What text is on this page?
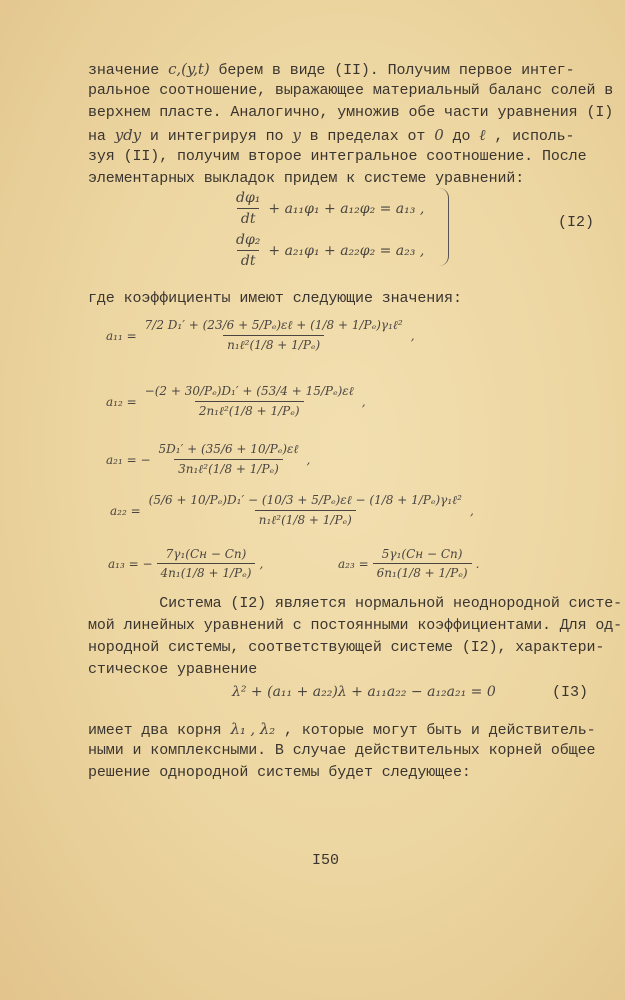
значение c,(y,t) берем в виде (II). Получим первое интег-
ральное соотношение, выражающее материальный баланс солей в
верхнем пласте. Аналогично, умножив обе части уравнения (I)
на ydy и интегрируя по y в пределах от 0 до ℓ , исполь-
зуя (II), получим второе интегральное соотношение. После
элементарных выкладок придем к системе уравнений:
$\frac{\text{dφ₁}}{dt} + a_{11}\varphi_1 + a_{12}\varphi_2 = a_{13}$ ,
$\frac{\text{dφ₂}}{dt} + a_{21}\varphi_1 + a_{22}\varphi_2 = a_{23}$ ,
(I2)
где коэффициенты имеют следующие значения:
$a_{11} = \frac{\text{7/2 D₁′ + (23/6 + 5/Pₑ)εℓ + (1/8 + 1/Pₑ)γ₁ℓ²}}{\text{n₁ℓ²(1/8 + 1/Pₑ)}}$ ,
$a_{12} = \frac{\text{−(2 + 30/Pₑ)D₁′ + (53/4 + 15/Pₑ)εℓ}}{\text{2n₁ℓ²(1/8 + 1/Pₑ)}}$ ,
a₂₁ = − $\frac{\text{5D₁′ + (35/6 + 10/Pₑ)εℓ}}{\text{3n₁ℓ²(1/8 + 1/Pₑ)}}$ ,
$a_{22} = \frac{\text{(5/6 + 10/Pₑ)D₁′ − (10/3 + 5/Pₑ)εℓ − (1/8 + 1/Pₑ)γ₁ℓ²}}{\text{n₁ℓ²(1/8 + 1/Pₑ)}}$ ,
a₁₃ = − $\frac{\text{7γ₁(Cн − Cп)}}{\text{4n₁(1/8 + 1/Pₑ)}}$ ,	$a_{23} = \frac{\text{5γ₁(Cн − Cп)}}{\text{6n₁(1/8 + 1/Pₑ)}}$ .
Система (I2) является нормальной неоднородной систе-
мой линейных уравнений с постоянными коэффициентами. Для од-
нородной системы, соответствующей системе (I2), характери-
стическое уравнение
λ² + (a₁₁ + a₂₂)λ + a₁₁a₂₂ − a₁₂a₂₁ = 0	(I3)
имеет два корня λ₁ , λ₂ , которые могут быть и действитель-
ными и комплексными. В случае действительных корней общее
решение однородной системы будет следующее:
I50
